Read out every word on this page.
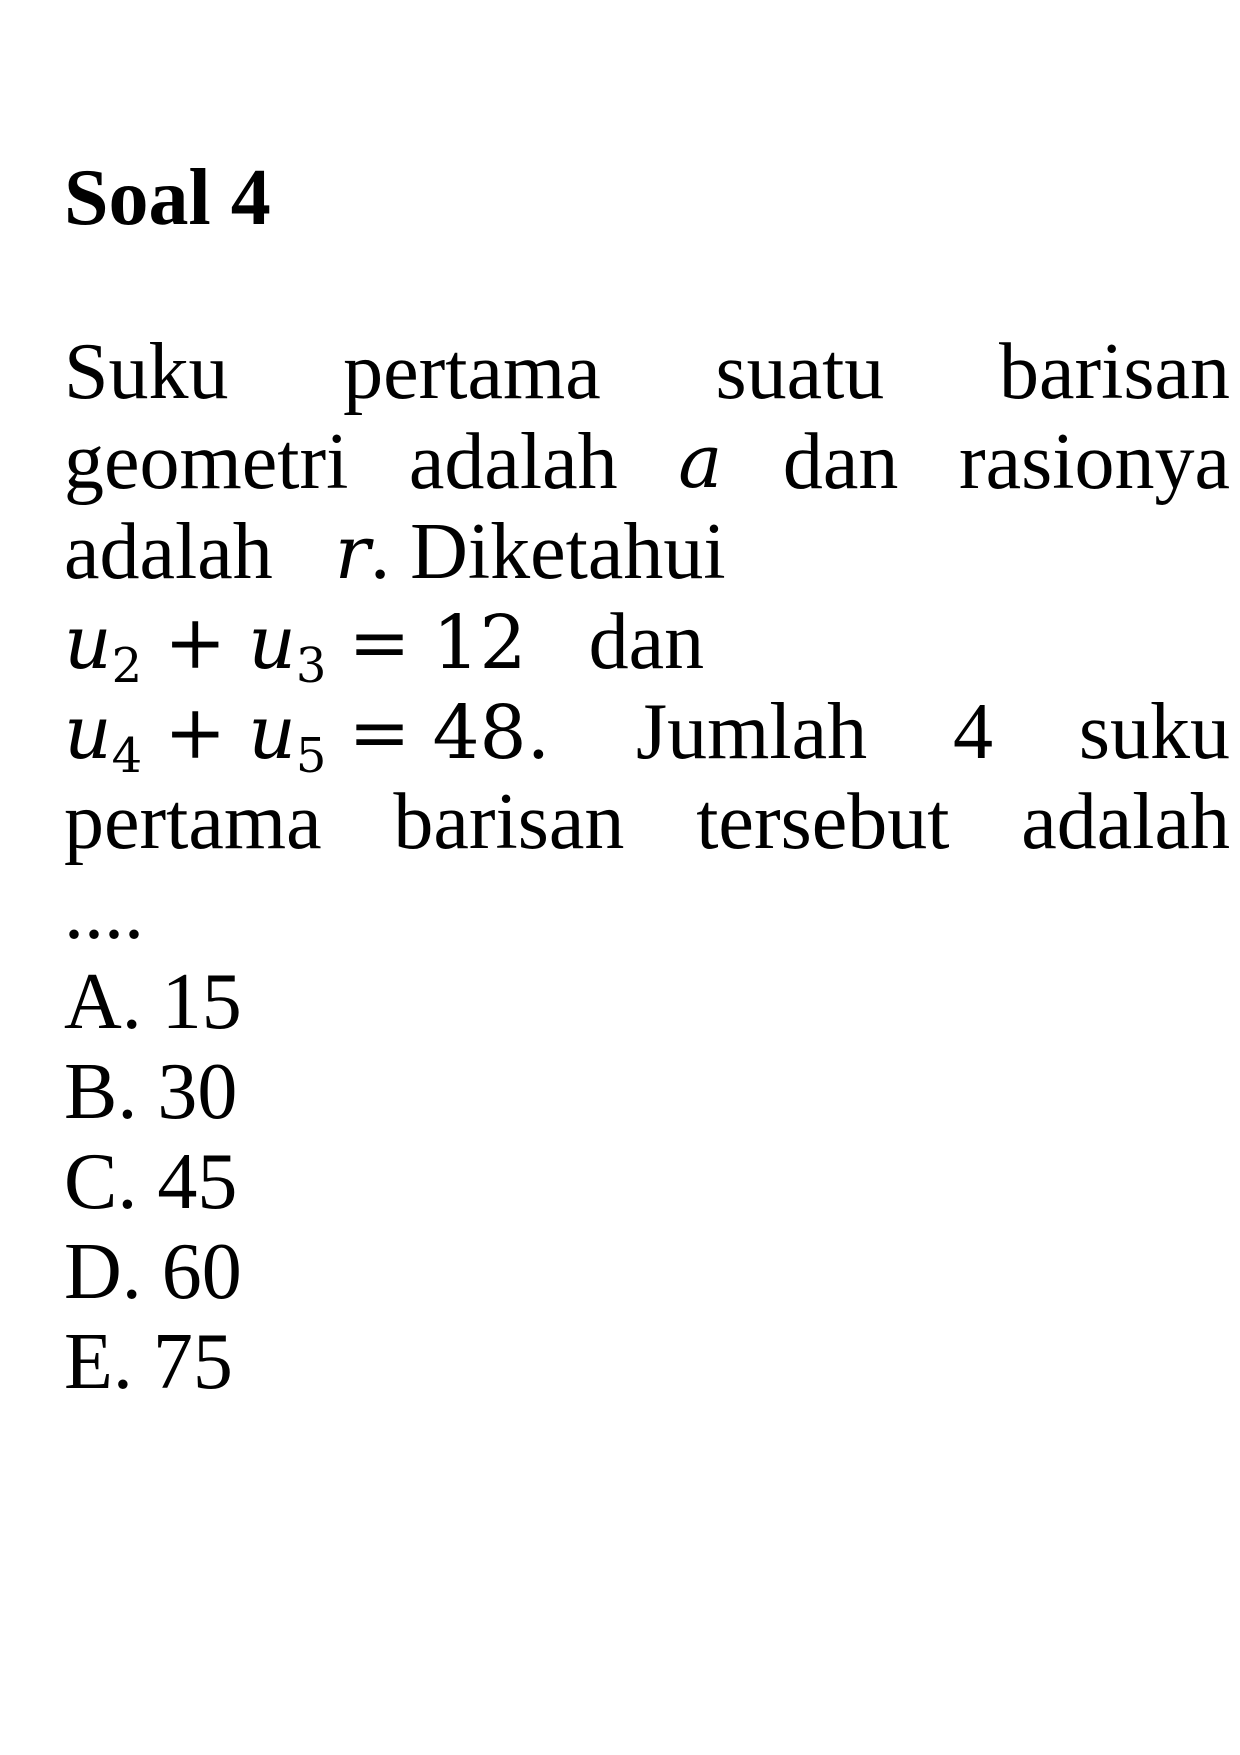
Soal 4
Suku pertama suatu barisan
geometri adalah a dan rasionya
adalah r. Diketahui
$u_2 + u_3 = 12$ dan
$u_4 + u_5 = 48$. Jumlah 4 suku
pertama barisan tersebut adalah
....
A. 15
B. 30
C. 45
D. 60
E. 75
